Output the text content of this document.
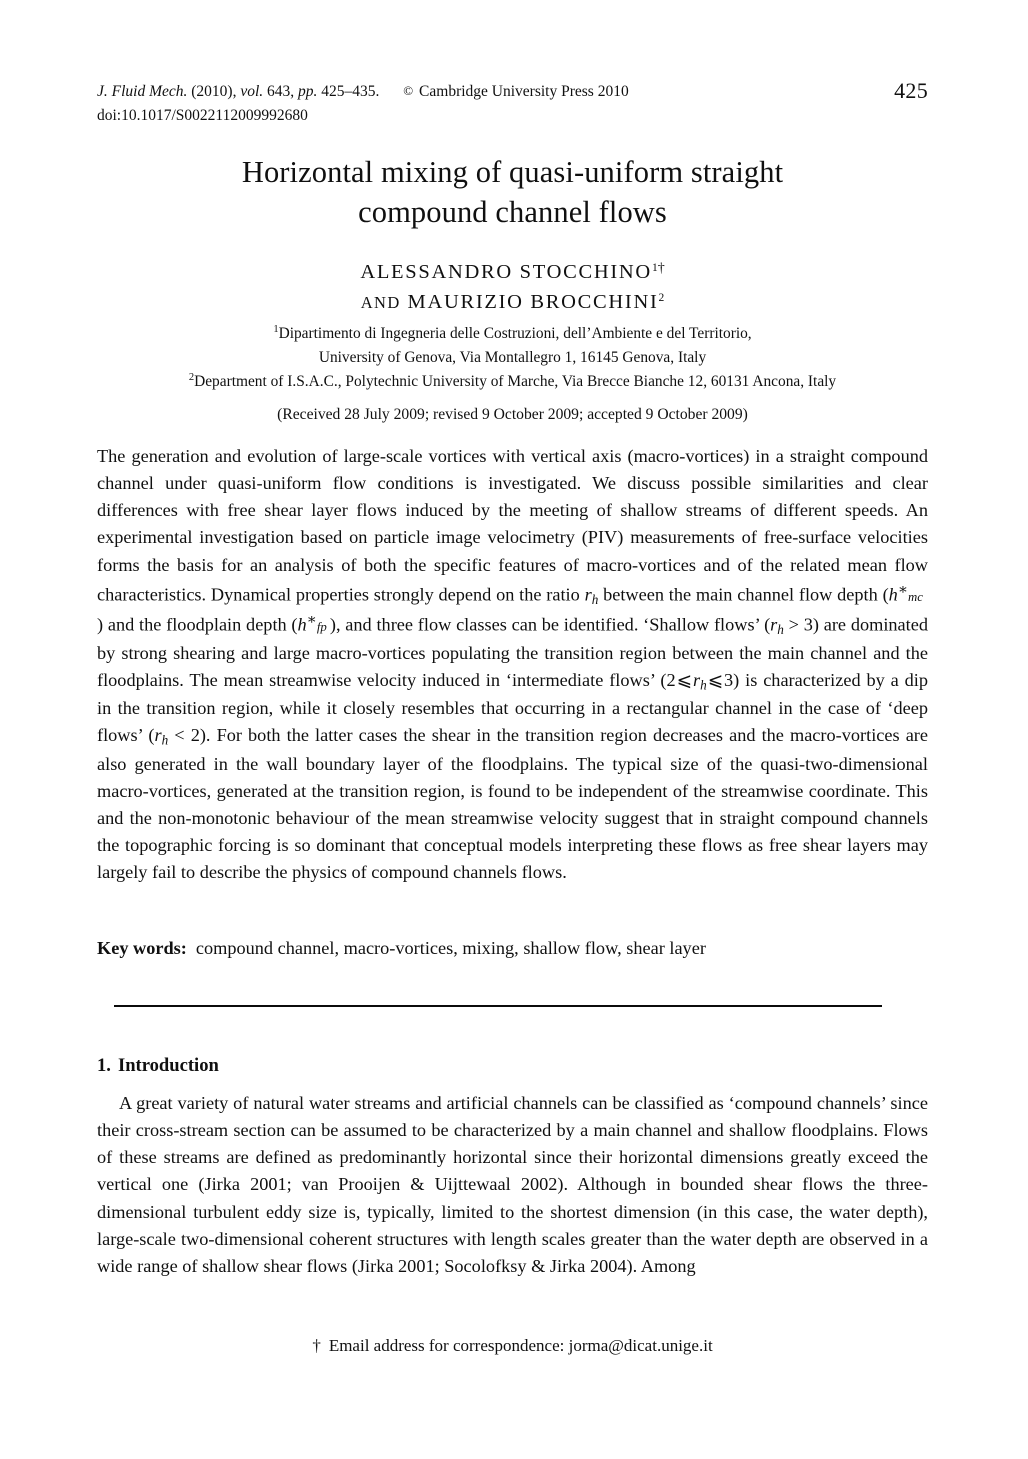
J. Fluid Mech. (2010), vol. 643, pp. 425–435. © Cambridge University Press 2010
doi:10.1017/S0022112009992680
425
Horizontal mixing of quasi-uniform straight
compound channel flows
ALESSANDRO $STOCCHINO^{1\dagger}$
AND MAURIZIO BROCCHINI$^2$
$^1$Dipartimento di Ingegneria delle Costruzioni, dell’Ambiente e del Territorio,
University of Genova, Via Montallegro 1, 16145 Genova, Italy
$^2$Department of I.S.A.C., Polytechnic University of Marche, Via Brecce Bianche 12, 60131 Ancona, Italy
(Received 28 July 2009; revised 9 October 2009; accepted 9 October 2009)

The generation and evolution of large-scale vortices with vertical axis (macro-vortices) in a straight compound channel under quasi-uniform flow conditions is investigated. We discuss possible similarities and clear differences with free shear layer flows induced by the meeting of shallow streams of different speeds. An experimental investigation based on particle image velocimetry (PIV) measurements of free-surface velocities forms the basis for an analysis of both the specific features of macro-vortices and of the related mean flow characteristics. Dynamical properties strongly depend on the ratio $r_h$ between the main channel flow depth (h∗ mc
) and the floodplain depth (h∗ fp ), and three flow classes can be identified. ‘Shallow flows’ $(r_h > 3)$ are dominated by strong shearing and large macro-vortices populating the transition region between the main channel and the floodplains. The mean streamwise velocity induced in ‘intermediate flows’ $(2⩽r_h⩽3)$ is characterized by a dip in the transition region, while it closely resembles that occurring in a rectangular channel in the case of ‘deep flows’ $(r_h < 2)$. For both the latter cases the shear in the transition region decreases and the macro-vortices are also generated in the wall boundary layer of the floodplains. The typical size of the quasi-two-dimensional macro-vortices, generated at the transition region, is found to be independent of the streamwise coordinate. This and the non-monotonic behaviour of the mean streamwise velocity suggest that in straight compound channels the topographic forcing is so dominant that conceptual models interpreting these flows as free shear layers may largely fail to describe the physics of compound channels flows.

Key words: compound channel, macro-vortices, mixing, shallow flow, shear layer
1. Introduction

A great variety of natural water streams and artificial channels can be classified as ‘compound channels’ since their cross-stream section can be assumed to be characterized by a main channel and shallow floodplains. Flows of these streams are defined as predominantly horizontal since their horizontal dimensions greatly exceed the vertical one (Jirka 2001; van Prooijen & Uijttewaal 2002). Although in bounded shear flows the three-dimensional turbulent eddy size is, typically, limited to the shortest dimension (in this case, the water depth), large-scale two-dimensional coherent structures with length scales greater than the water depth are observed in a wide range of shallow shear flows (Jirka 2001; Socolofksy & Jirka 2004). Among

† Email address for correspondence: jorma@dicat.unige.it
